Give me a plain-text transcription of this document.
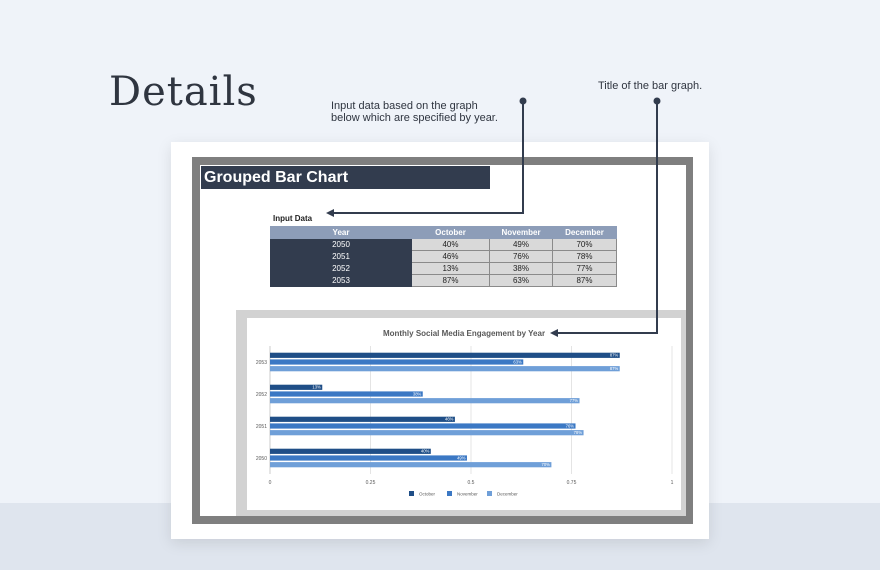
Details	Input data based on the graph
below which are specified by year.
Title of the bar graph.
Grouped Bar Chart
Input Data
Year	October	November	December
2050	40%	49%	70%
2051	46%	76%	78%
2052	13%	38%	77%
2053	87%	63%	87%
Monthly Social Media Engagement by Year
0	0.25	0.5	0.75	1
2050
40%
49%
70%
2051
46%
76%
78%
2052
13%
38%
77%
2053
87%
63%
87%
October	November	December
